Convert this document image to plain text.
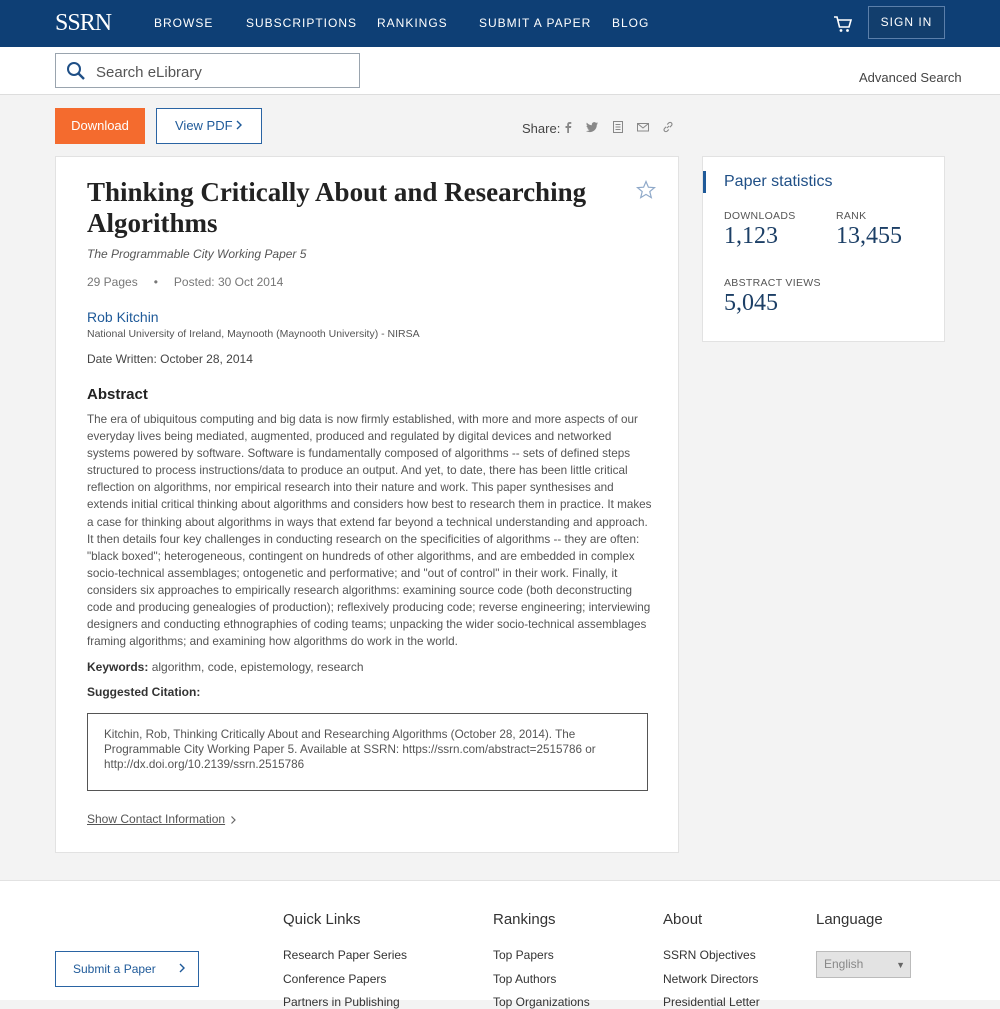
SSRN	BROWSE	SUBSCRIPTIONS RANKINGS	SUBMIT A PAPER BLOG	SIGN IN
Search eLibrary
Advanced Search
Download	View PDF	Share:
Thinking Critically About and Researching Algorithms
The Programmable City Working Paper 5
29 Pages • Posted: 30 Oct 2014
Rob Kitchin
National University of Ireland, Maynooth (Maynooth University) - NIRSA
Date Written: October 28, 2014
Abstract

The era of ubiquitous computing and big data is now firmly established, with more and more aspects of our everyday lives being mediated, augmented, produced and regulated by digital devices and networked systems powered by software. Software is fundamentally composed of algorithms -- sets of defined steps structured to process instructions/data to produce an output. And yet, to date, there has been little critical reflection on algorithms, nor empirical research into their nature and work. This paper synthesises and extends initial critical thinking about algorithms and considers how best to research them in practice. It makes a case for thinking about algorithms in ways that extend far beyond a technical understanding and approach. It then details four key challenges in conducting research on the specificities of algorithms -- they are often: "black boxed"; heterogeneous, contingent on hundreds of other algorithms, and are embedded in complex socio-technical assemblages; ontogenetic and performative; and "out of control" in their work. Finally, it considers six approaches to empirically research algorithms: examining source code (both deconstructing code and producing genealogies of production); reflexively producing code; reverse engineering; interviewing designers and conducting ethnographies of coding teams; unpacking the wider socio-technical assemblages framing algorithms; and examining how algorithms do work in the world.

Keywords: algorithm, code, epistemology, research
Suggested Citation:
Kitchin, Rob, Thinking Critically About and Researching Algorithms (October 28, 2014). The Programmable City Working Paper 5. Available at SSRN: https://ssrn.com/abstract=2515786 or http://dx.doi.org/10.2139/ssrn.2515786
Show Contact Information
Paper statistics
DOWNLOADS
1,123
RANK
13,455
ABSTRACT VIEWS
5,045
Submit a Paper
Quick Links
Research Paper Series
Conference Papers
Partners in Publishing
Rankings
Top Papers
Top Authors
Top Organizations
About
SSRN Objectives
Network Directors
Presidential Letter
Language
English	▼
